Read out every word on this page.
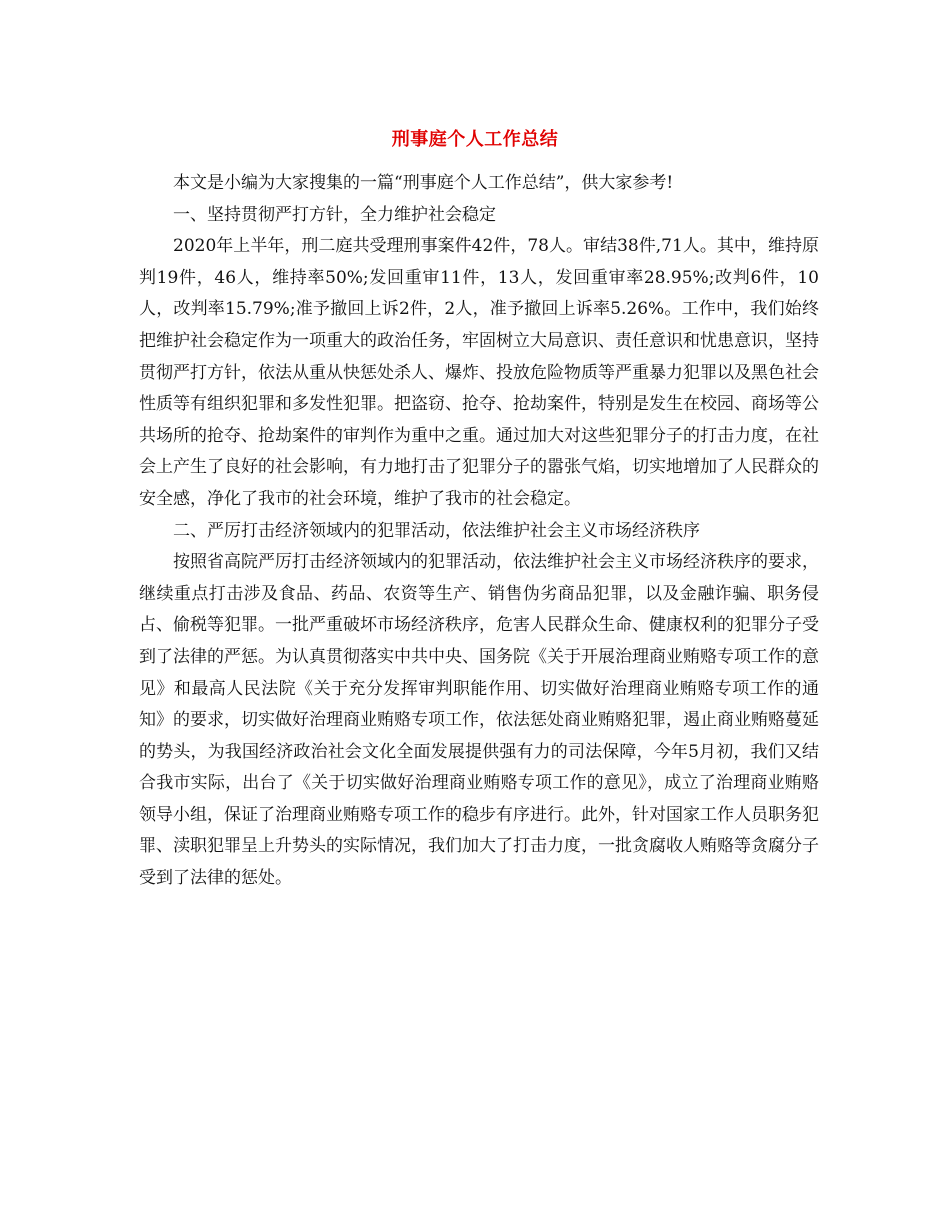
刑事庭个人工作总结

本文是小编为大家搜集的一篇“刑事庭个人工作总结”，供大家参考!

一、坚持贯彻严打方针，全力维护社会稳定

2020年上半年，刑二庭共受理刑事案件42件，78人。审结38件,71人。其中，维持原判19件，46人，维持率50%;发回重审11件，13人，发回重审率28.95%;改判6件，10人，改判率15.79%;准予撤回上诉2件，2人，准予撤回上诉率5.26%。工作中，我们始终把维护社会稳定作为一项重大的政治任务，牢固树立大局意识、责任意识和忧患意识，坚持贯彻严打方针，依法从重从快惩处杀人、爆炸、投放危险物质等严重暴力犯罪以及黑色社会性质等有组织犯罪和多发性犯罪。把盗窃、抢夺、抢劫案件，特别是发生在校园、商场等公共场所的抢夺、抢劫案件的审判作为重中之重。通过加大对这些犯罪分子的打击力度，在社会上产生了良好的社会影响，有力地打击了犯罪分子的嚣张气焰，切实地增加了人民群众的安全感，净化了我市的社会环境，维护了我市的社会稳定。

二、严厉打击经济领域内的犯罪活动，依法维护社会主义市场经济秩序

按照省高院严厉打击经济领域内的犯罪活动，依法维护社会主义市场经济秩序的要求，继续重点打击涉及食品、药品、农资等生产、销售伪劣商品犯罪，以及金融诈骗、职务侵占、偷税等犯罪。一批严重破坏市场经济秩序，危害人民群众生命、健康权利的犯罪分子受到了法律的严惩。为认真贯彻落实中共中央、国务院《关于开展治理商业贿赂专项工作的意见》和最高人民法院《关于充分发挥审判职能作用、切实做好治理商业贿赂专项工作的通知》的要求，切实做好治理商业贿赂专项工作，依法惩处商业贿赂犯罪，遏止商业贿赂蔓延的势头，为我国经济政治社会文化全面发展提供强有力的司法保障，今年5月初，我们又结合我市实际，出台了《关于切实做好治理商业贿赂专项工作的意见》，成立了治理商业贿赂领导小组，保证了治理商业贿赂专项工作的稳步有序进行。此外，针对国家工作人员职务犯罪、渎职犯罪呈上升势头的实际情况，我们加大了打击力度，一批贪腐收人贿赂等贪腐分子受到了法律的惩处。
